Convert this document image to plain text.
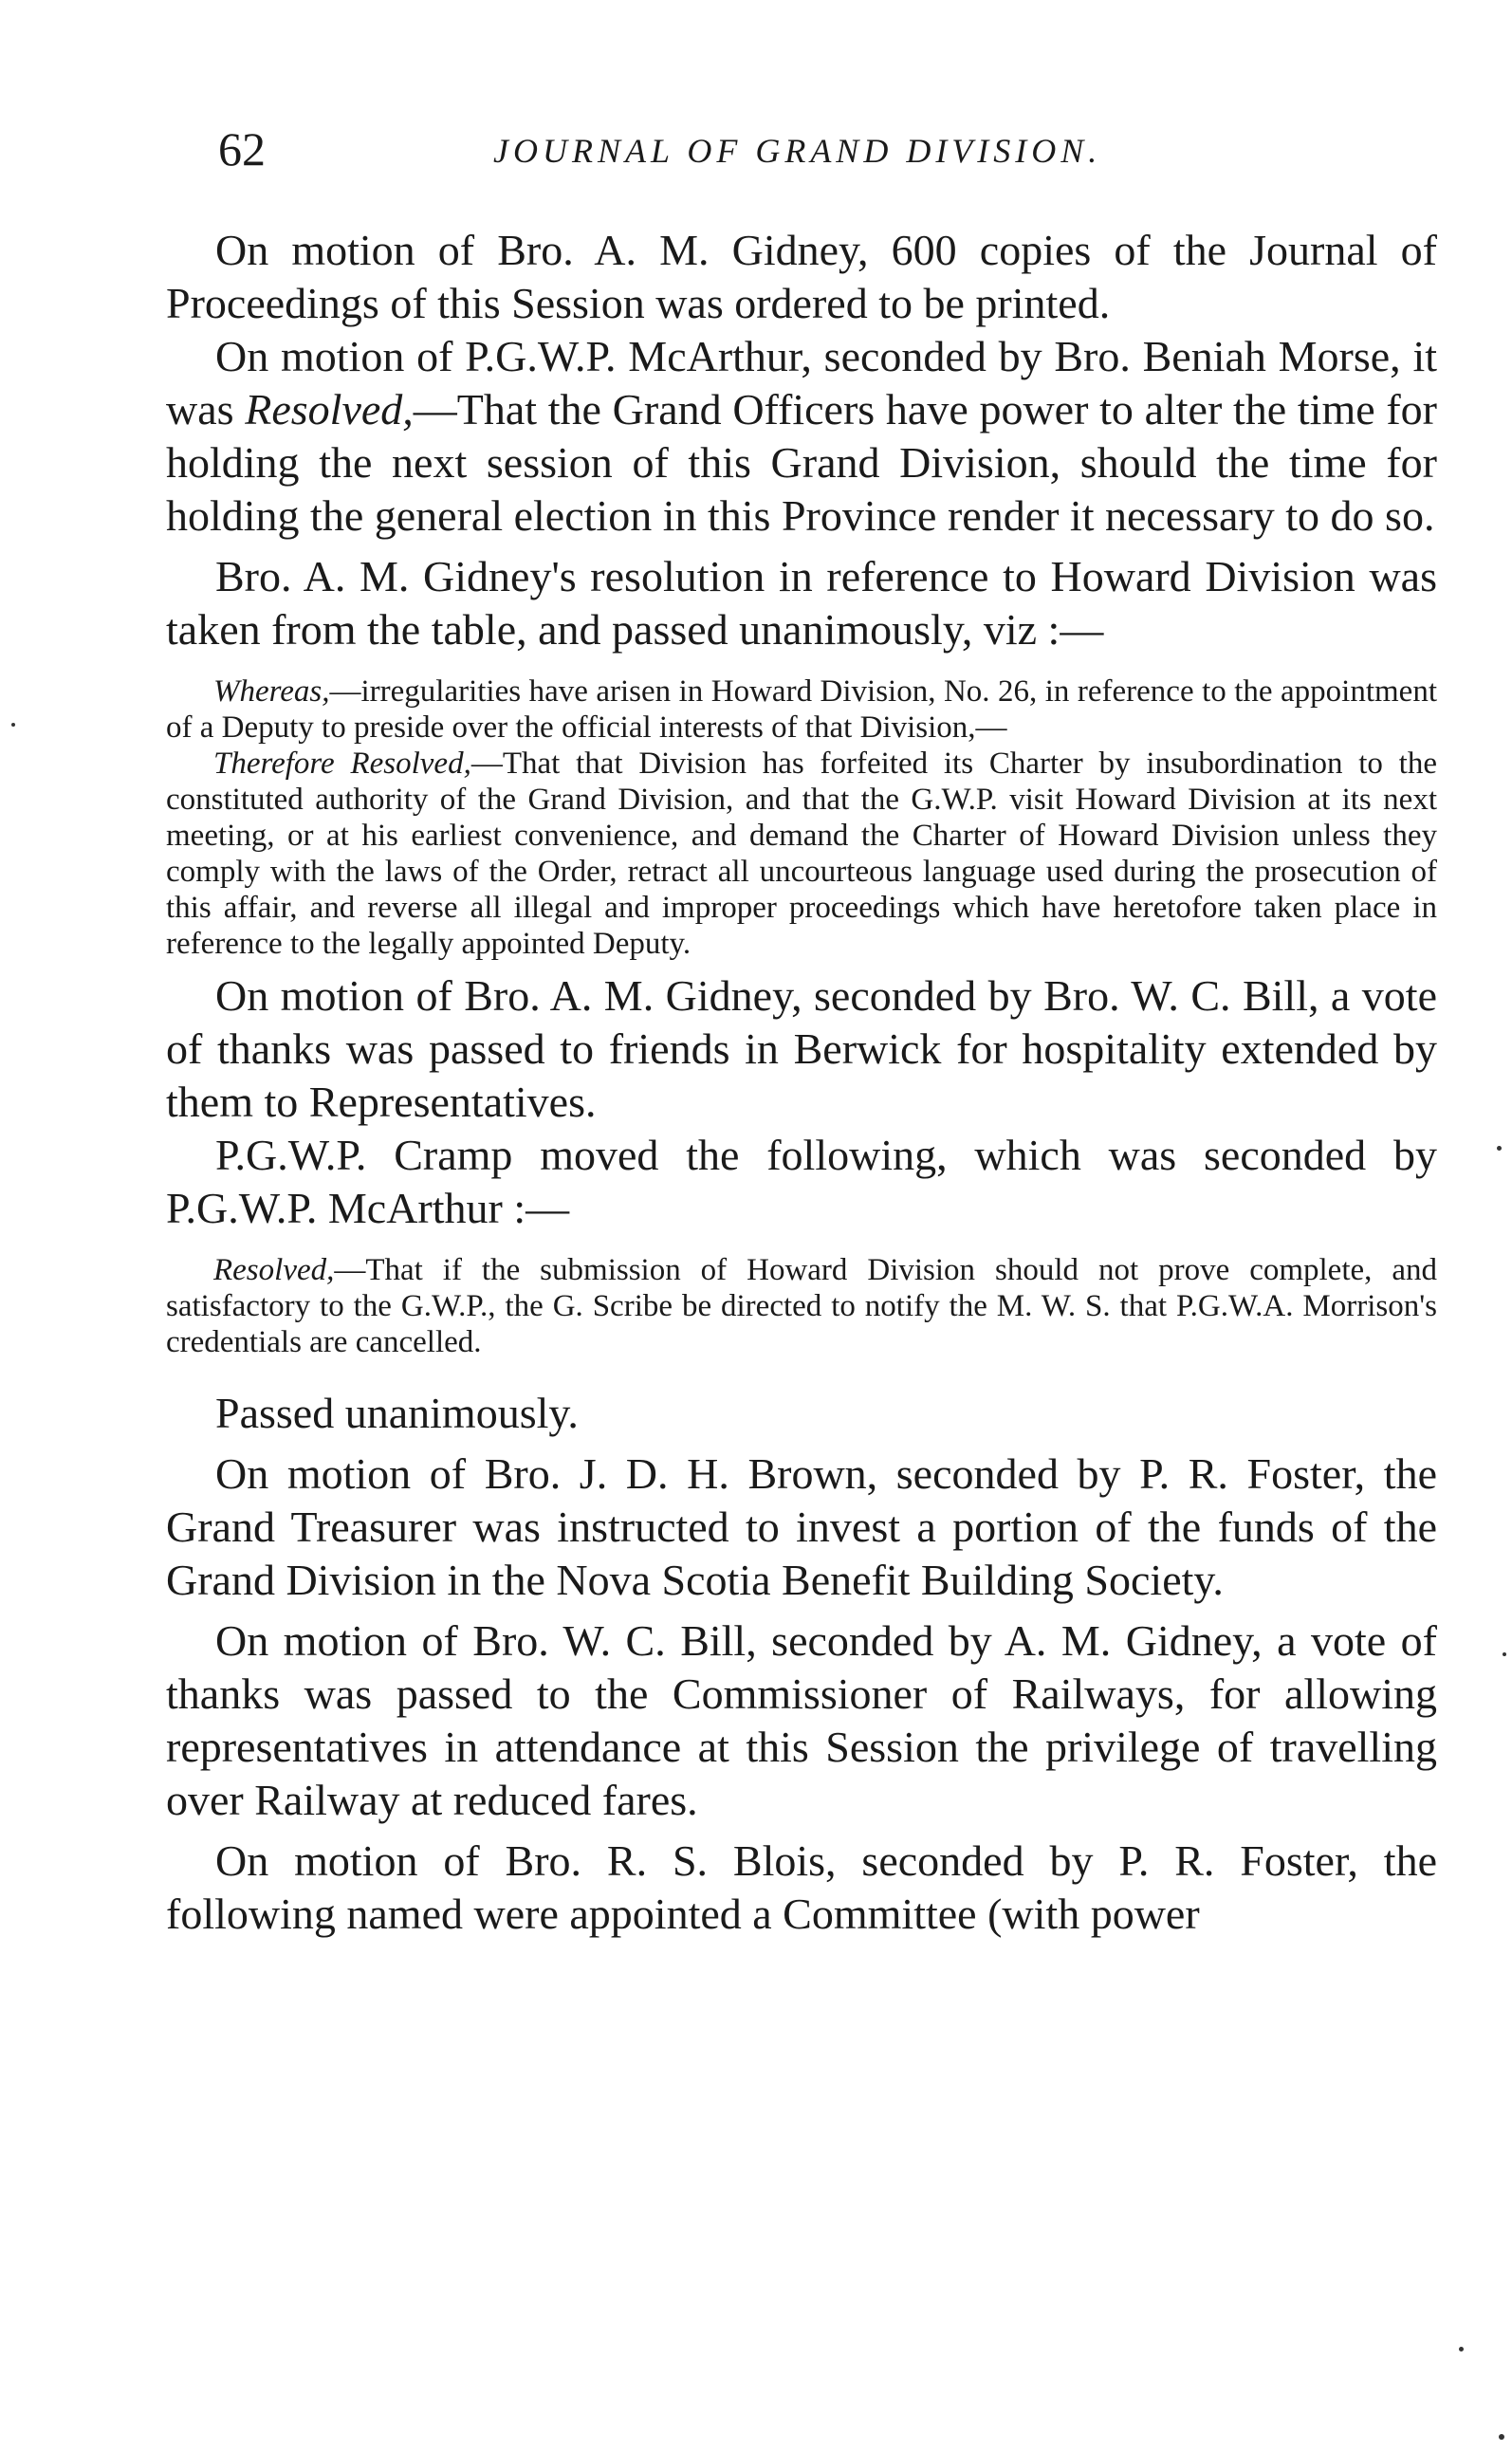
62	JOURNAL OF GRAND DIVISION.

On motion of Bro. A. M. Gidney, 600 copies of the Journal of Proceedings of this Session was ordered to be printed.

On motion of P.G.W.P. McArthur, seconded by Bro. Beniah Morse, it was Resolved,—That the Grand Officers have power to alter the time for holding the next session of this Grand Division, should the time for holding the general election in this Province render it necessary to do so.

Bro. A. M. Gidney's resolution in reference to Howard Division was taken from the table, and passed unanimously, viz :—

Whereas,—irregularities have arisen in Howard Division, No. 26, in reference to the appointment of a Deputy to preside over the official interests of that Division,—

Therefore Resolved,—That that Division has forfeited its Charter by insubordination to the constituted authority of the Grand Division, and that the G.W.P. visit Howard Division at its next meeting, or at his earliest convenience, and demand the Charter of Howard Division unless they comply with the laws of the Order, retract all uncourteous language used during the prosecution of this affair, and reverse all illegal and improper proceedings which have heretofore taken place in reference to the legally appointed Deputy.

On motion of Bro. A. M. Gidney, seconded by Bro. W. C. Bill, a vote of thanks was passed to friends in Berwick for hospitality extended by them to Representatives.

P.G.W.P. Cramp moved the following, which was seconded by P.G.W.P. McArthur :—

Resolved,—That if the submission of Howard Division should not prove complete, and satisfactory to the G.W.P., the G. Scribe be directed to notify the M. W. S. that P.G.W.A. Morrison's credentials are cancelled.

Passed unanimously.

On motion of Bro. J. D. H. Brown, seconded by P. R. Foster, the Grand Treasurer was instructed to invest a portion of the funds of the Grand Division in the Nova Scotia Benefit Building Society.

On motion of Bro. W. C. Bill, seconded by A. M. Gidney, a vote of thanks was passed to the Commissioner of Railways, for allowing representatives in attendance at this Session the privilege of travelling over Railway at reduced fares.

On motion of Bro. R. S. Blois, seconded by P. R. Foster, the following named were appointed a Committee (with power
